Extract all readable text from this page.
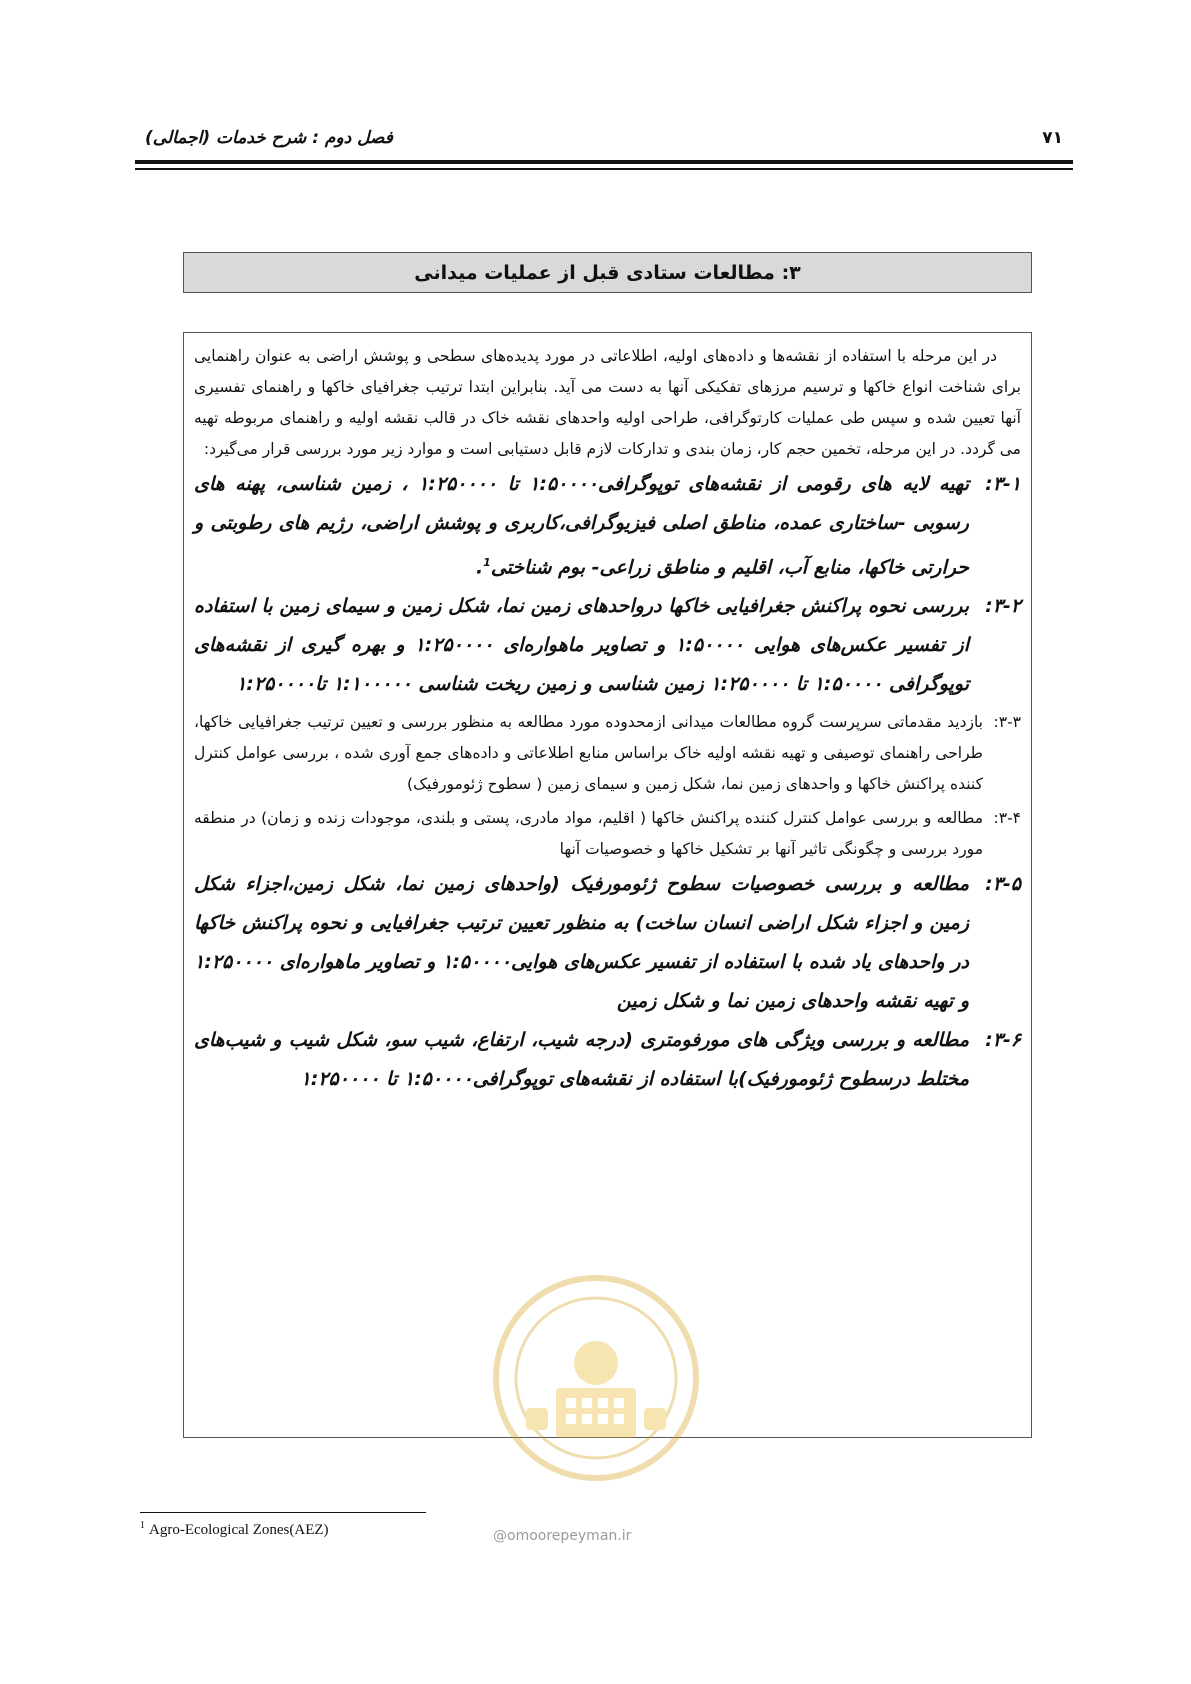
۷۱
فصل دوم : شرح خدمات (اجمالی)
۳: مطالعات ستادی قبل از عملیات میدانی

در این مرحله با استفاده از نقشه‌ها و داده‌های اولیه، اطلاعاتی در مورد پدیده‌های سطحی و پوشش اراضی به عنوان راهنمایی برای شناخت انواع خاکها و ترسیم مرزهای تفکیکی آنها به دست می آید. بنابراین ابتدا ترتیب جغرافیای خاکها و راهنمای تفسیری آنها تعیین شده و سپس طی عملیات کارتوگرافی، طراحی اولیه واحدهای نقشه خاک در قالب نقشه اولیه و راهنمای مربوطه تهیه می گردد. در این مرحله، تخمین حجم کار، زمان بندی و تدارکات لازم قابل دستیابی است و موارد زیر مورد بررسی قرار می‌گیرد:

۳-۱:
تهیه لایه های رقومی از نقشه‌های توپوگرافی۱:۵۰۰۰۰ تا ۱:۲۵۰۰۰۰ ، زمین شناسی، پهنه های رسوبی -ساختاری عمده، مناطق اصلی فیزیوگرافی،کاربری و پوشش اراضی، رژیم های رطوبتی و حرارتی خاکها، منابع آب، اقلیم و مناطق زراعی- بوم شناختی$^1$.
۳-۲:
بررسی نحوه پراکنش جغرافیایی خاکها درواحدهای زمین نما، شکل زمین و سیمای زمین با استفاده از تفسیر عکس‌های هوایی ۱:۵۰۰۰۰ و تصاویر ماهواره‌ای ۱:۲۵۰۰۰۰ و بهره گیری از نقشه‌های توپوگرافی ۱:۵۰۰۰۰ تا ۱:۲۵۰۰۰۰ زمین شناسی و زمین ریخت شناسی ۱:۱۰۰۰۰۰ تا۱:۲۵۰۰۰۰
۳-۳:
بازدید مقدماتی سرپرست گروه مطالعات میدانی ازمحدوده مورد مطالعه به منظور بررسی و تعیین ترتیب جغرافیایی خاکها، طراحی راهنمای توصیفی و تهیه نقشه اولیه خاک براساس منابع اطلاعاتی و داده‌های جمع آوری شده ، بررسی عوامل کنترل کننده پراکنش خاکها و واحدهای زمین نما، شکل زمین و سیمای زمین ( سطوح ژئومورفیک)
۳-۴:
مطالعه و بررسی عوامل کنترل کننده پراکنش خاکها ( اقلیم، مواد مادری، پستی و بلندی، موجودات زنده و زمان) در منطقه مورد بررسی و چگونگی تاثیر آنها بر تشکیل خاکها و خصوصیات آنها
۳-۵:
مطالعه و بررسی خصوصیات سطوح ژئومورفیک (واحدهای زمین نما، شکل زمین،اجزاء شکل زمین و اجزاء شکل اراضی انسان ساخت) به منظور تعیین ترتیب جغرافیایی و نحوه پراکنش خاکها در واحدهای یاد شده با استفاده از تفسیر عکس‌های هوایی۱:۵۰۰۰۰ و تصاویر ماهواره‌ای ۱:۲۵۰۰۰۰ و تهیه نقشه واحدهای زمین نما و شکل زمین
۳-۶:
مطالعه و بررسی ویژگی های مورفومتری (درجه شیب، ارتفاع، شیب سو، شکل شیب و شیب‌های مختلط درسطوح ژئومورفیک)با استفاده از نقشه‌های توپوگرافی۱:۵۰۰۰۰ تا ۱:۲۵۰۰۰۰
@omoorepeyman.ir
$^1$ Agro-Ecological Zones(AEZ)
